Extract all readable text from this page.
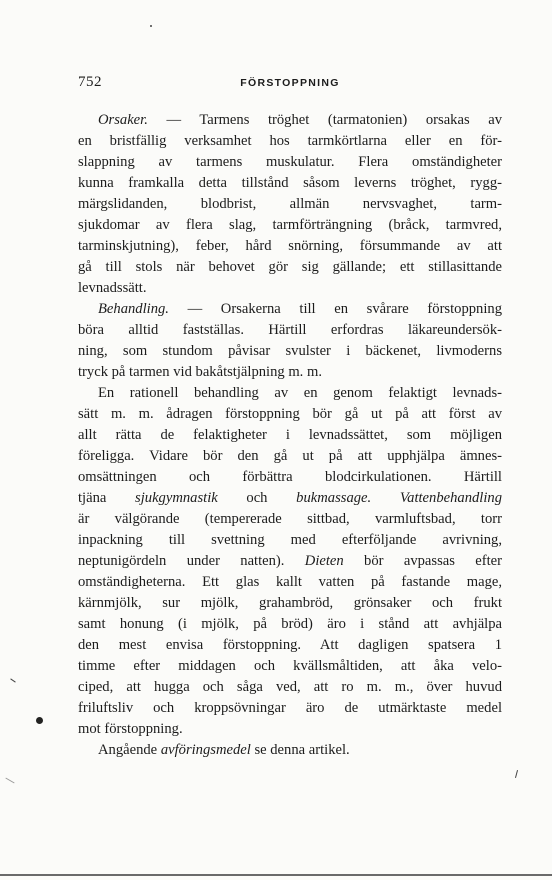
752	FÖRSTOPPNING
Orsaker. — Tarmens tröghet (tarmatonien) orsakas av
en bristfällig verksamhet hos tarmkörtlarna eller en för-
slappning av tarmens muskulatur. Flera omständigheter
kunna framkalla detta tillstånd såsom leverns tröghet, rygg-
märgslidanden, blodbrist, allmän nervsvaghet, tarm-
sjukdomar av flera slag, tarmförträngning (bråck, tarmvred,
tarminskjutning), feber, hård snörning, försummande av att
gå till stols när behovet gör sig gällande; ett stillasittande
levnadssätt.
Behandling. — Orsakerna till en svårare förstoppning
böra alltid fastställas. Härtill erfordras läkareundersök-
ning, som stundom påvisar svulster i bäckenet, livmoderns
tryck på tarmen vid bakåtstjälpning m. m.
En rationell behandling av en genom felaktigt levnads-
sätt m. m. ådragen förstoppning bör gå ut på att först av
allt rätta de felaktigheter i levnadssättet, som möjligen
föreligga. Vidare bör den gå ut på att upphjälpa ämnes-
omsättningen och förbättra blodcirkulationen. Härtill
tjäna sjukgymnastik och bukmassage. Vattenbehandling
är välgörande (tempererade sittbad, varmluftsbad, torr
inpackning till svettning med efterföljande avrivning,
neptunigördeln under natten). Dieten bör avpassas efter
omständigheterna. Ett glas kallt vatten på fastande mage,
kärnmjölk, sur mjölk, grahambröd, grönsaker och frukt
samt honung (i mjölk, på bröd) äro i stånd att avhjälpa
den mest envisa förstoppning. Att dagligen spatsera 1
timme efter middagen och kvällsmåltiden, att åka velo-
ciped, att hugga och såga ved, att ro m. m., över huvud
friluftsliv och kroppsövningar äro de utmärktaste medel
mot förstoppning.
Angående avföringsmedel se denna artikel.
